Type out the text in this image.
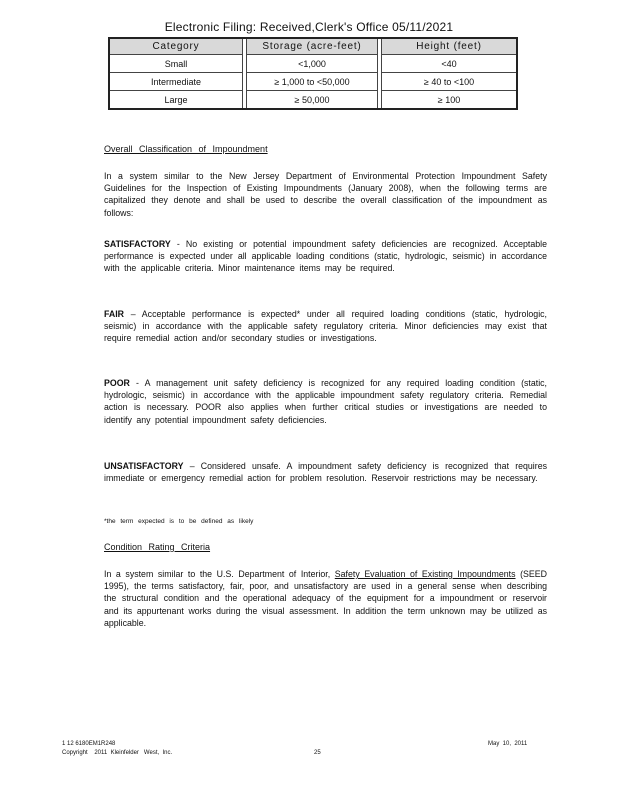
Electronic Filing: Received,Clerk's Office 05/11/2021
Category		Storage (acre-feet)		Height (feet)
Small		<1,000		<40
Intermediate		≥ 1,000 to <50,000		≥ 40 to <100
Large		≥ 50,000		≥ 100
Overall Classification of Impoundment

In a system similar to the New Jersey Department of Environmental Protection Impoundment Safety Guidelines for the Inspection of Existing Impoundments (January 2008), when the following terms are capitalized they denote and shall be used to describe the overall classification of the impoundment as follows:

SATISFACTORY - No existing or potential impoundment safety deficiencies are recognized. Acceptable performance is expected under all applicable loading conditions (static, hydrologic, seismic) in accordance with the applicable criteria. Minor maintenance items may be required.

FAIR – Acceptable performance is expected* under all required loading conditions (static, hydrologic, seismic) in accordance with the applicable safety regulatory criteria. Minor deficiencies may exist that require remedial action and/or secondary studies or investigations.

POOR - A management unit safety deficiency is recognized for any required loading condition (static, hydrologic, seismic) in accordance with the applicable impoundment safety regulatory criteria. Remedial action is necessary. POOR also applies when further critical studies or investigations are needed to identify any potential impoundment safety deficiencies.

UNSATISFACTORY – Considered unsafe. A impoundment safety deficiency is recognized that requires immediate or emergency remedial action for problem resolution. Reservoir restrictions may be necessary.

*the term expected is to be defined as likely
Condition Rating Criteria

In a system similar to the U.S. Department of Interior, Safety Evaluation of Existing Impoundments (SEED 1995), the terms satisfactory, fair, poor, and unsatisfactory are used in a general sense when describing the structural condition and the operational adequacy of the equipment for a impoundment or reservoir and its appurtenant works during the visual assessment. In addition the term unknown may be utilized as applicable.

1 12 6180EM1R248
Copyright    2011  Kleinfelder   West,  Inc.	25
May  10,  2011
